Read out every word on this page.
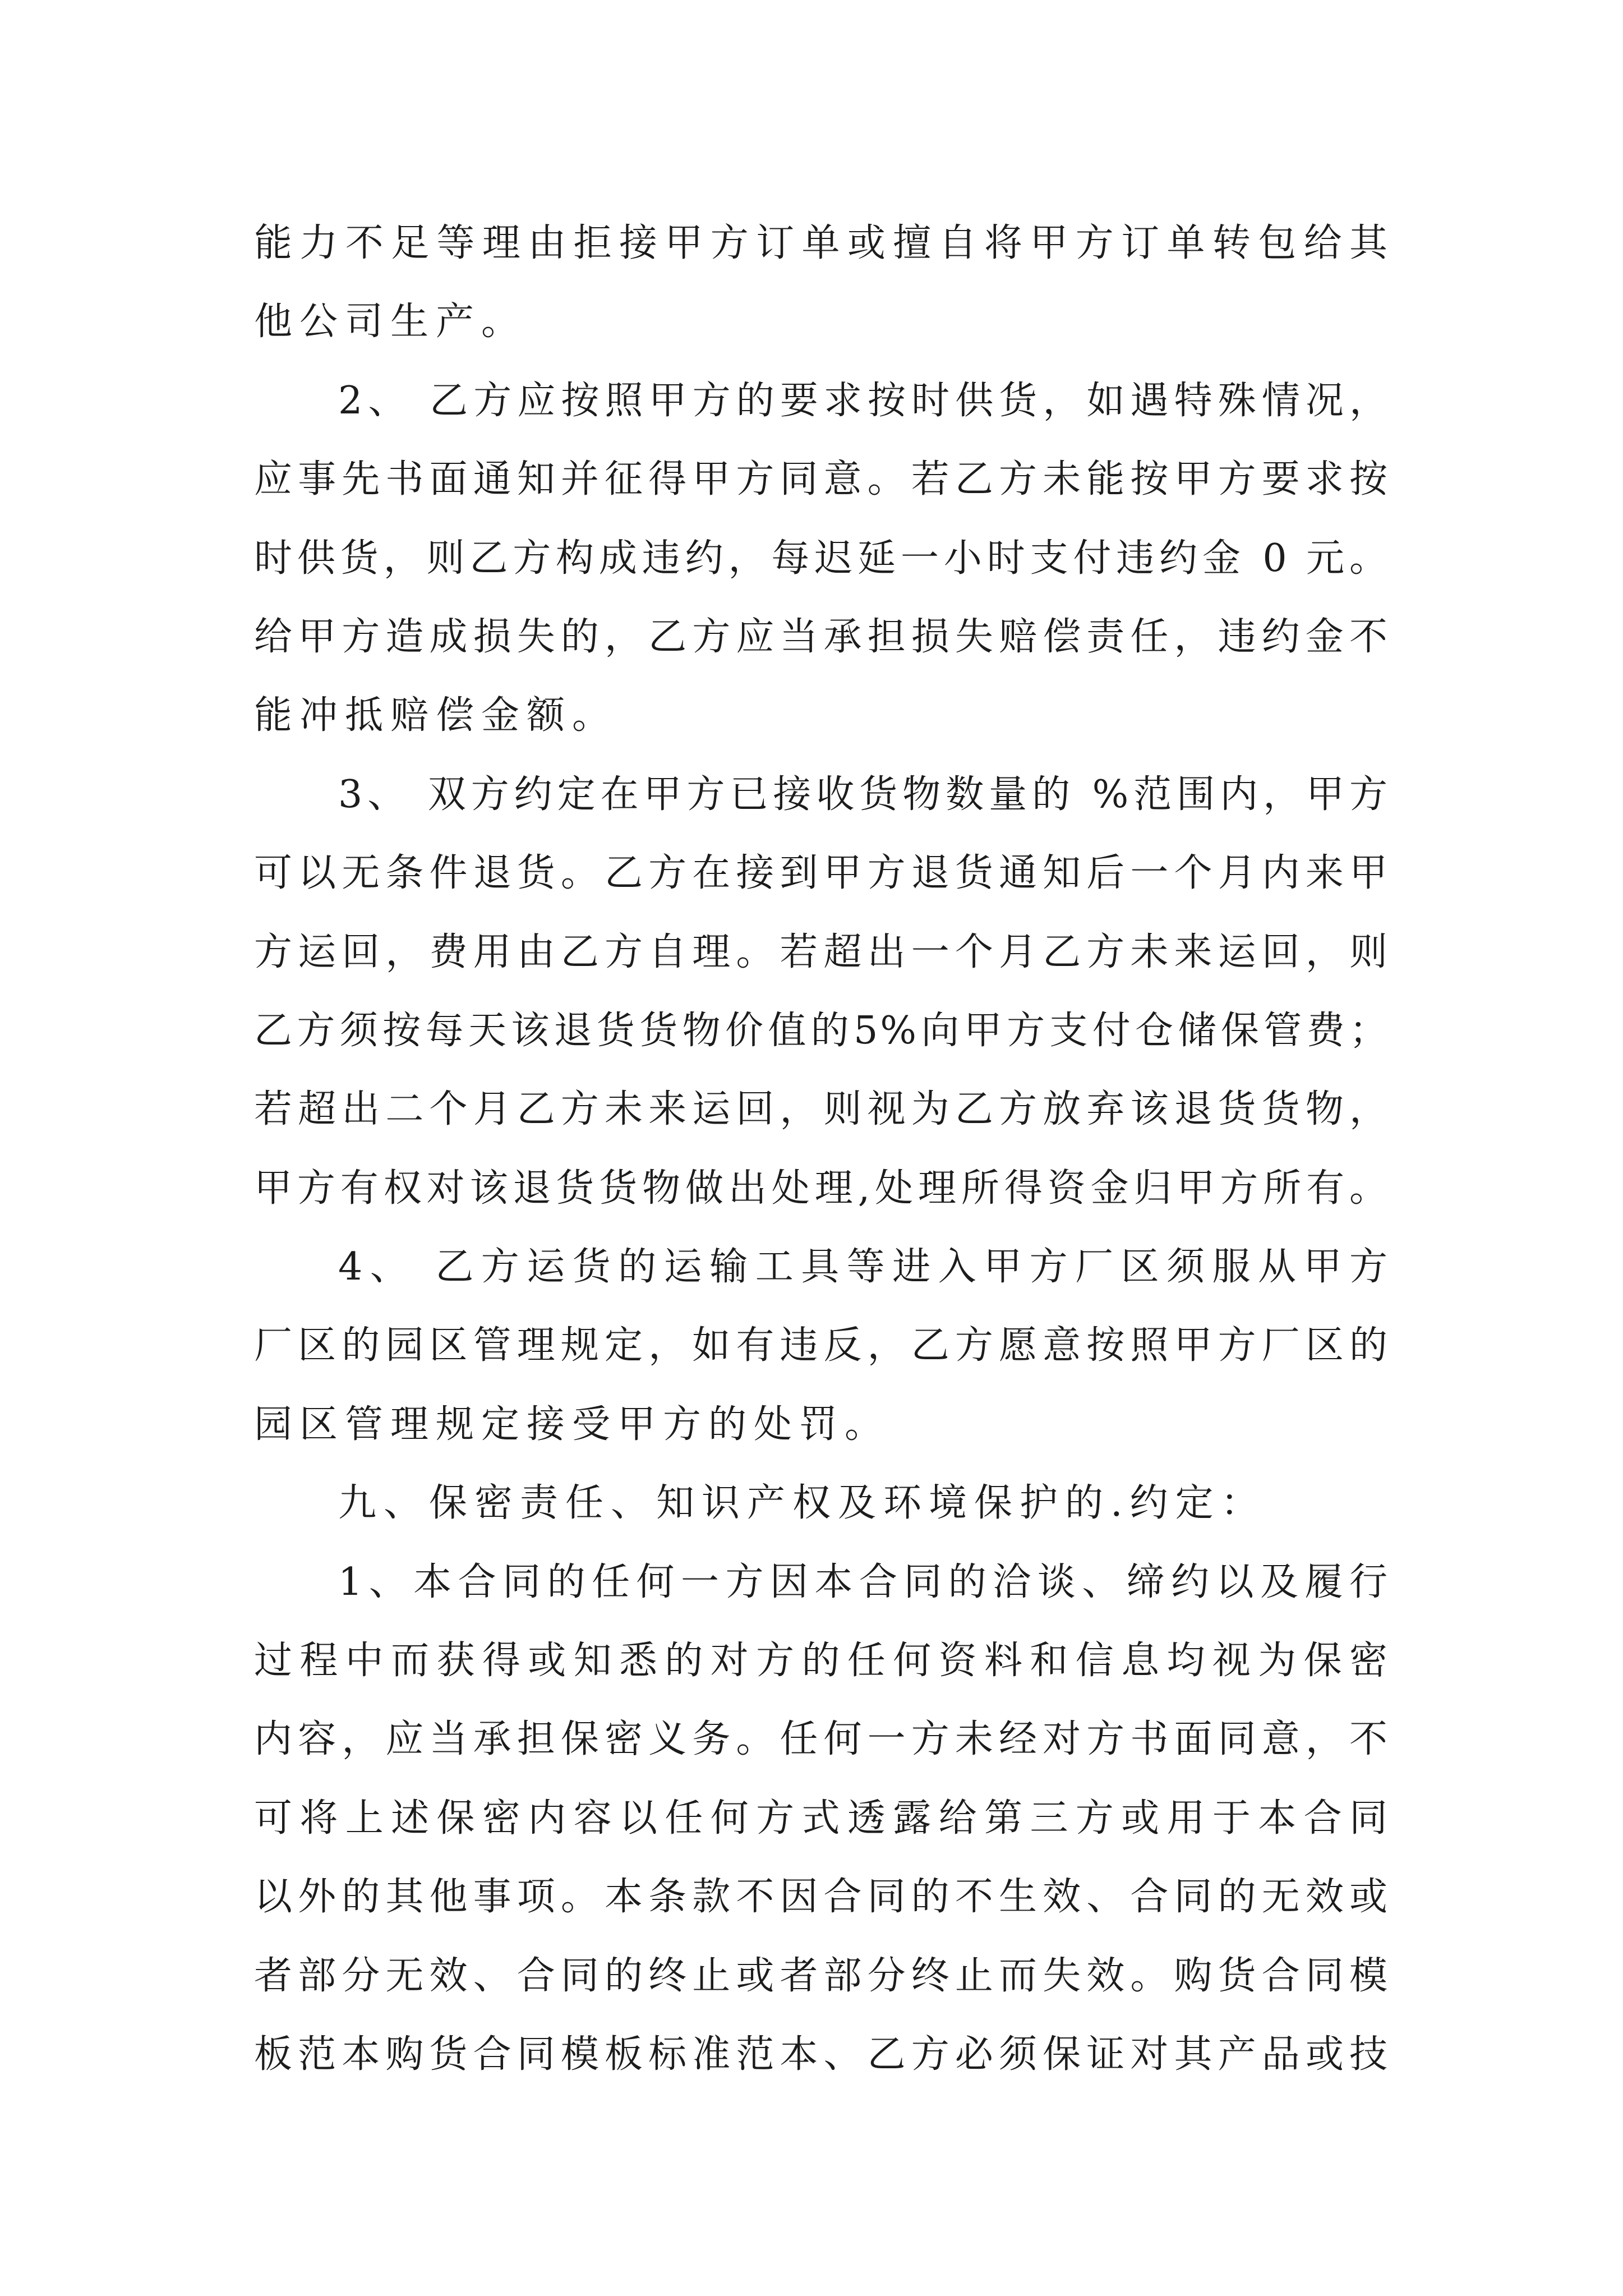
能力不足等理由拒接甲方订单或擅自将甲方订单转包给其
他公司生产。
2、 乙方应按照甲方的要求按时供货，如遇特殊情况，
应事先书面通知并征得甲方同意。若乙方未能按甲方要求按
时供货，则乙方构成违约，每迟延一小时支付违约金 0 元。
给甲方造成损失的，乙方应当承担损失赔偿责任，违约金不
能冲抵赔偿金额。
3、 双方约定在甲方已接收货物数量的 %范围内，甲方
可以无条件退货。乙方在接到甲方退货通知后一个月内来甲
方运回，费用由乙方自理。若超出一个月乙方未来运回，则
乙方须按每天该退货货物价值的5%向甲方支付仓储保管费；
若超出二个月乙方未来运回，则视为乙方放弃该退货货物，
甲方有权对该退货货物做出处理,处理所得资金归甲方所有。
4、 乙方运货的运输工具等进入甲方厂区须服从甲方
厂区的园区管理规定，如有违反，乙方愿意按照甲方厂区的
园区管理规定接受甲方的处罚。
九、保密责任、知识产权及环境保护的.约定：
1、本合同的任何一方因本合同的洽谈、缔约以及履行
过程中而获得或知悉的对方的任何资料和信息均视为保密
内容，应当承担保密义务。任何一方未经对方书面同意，不
可将上述保密内容以任何方式透露给第三方或用于本合同
以外的其他事项。本条款不因合同的不生效、合同的无效或
者部分无效、合同的终止或者部分终止而失效。购货合同模
板范本购货合同模板标准范本、乙方必须保证对其产品或技
